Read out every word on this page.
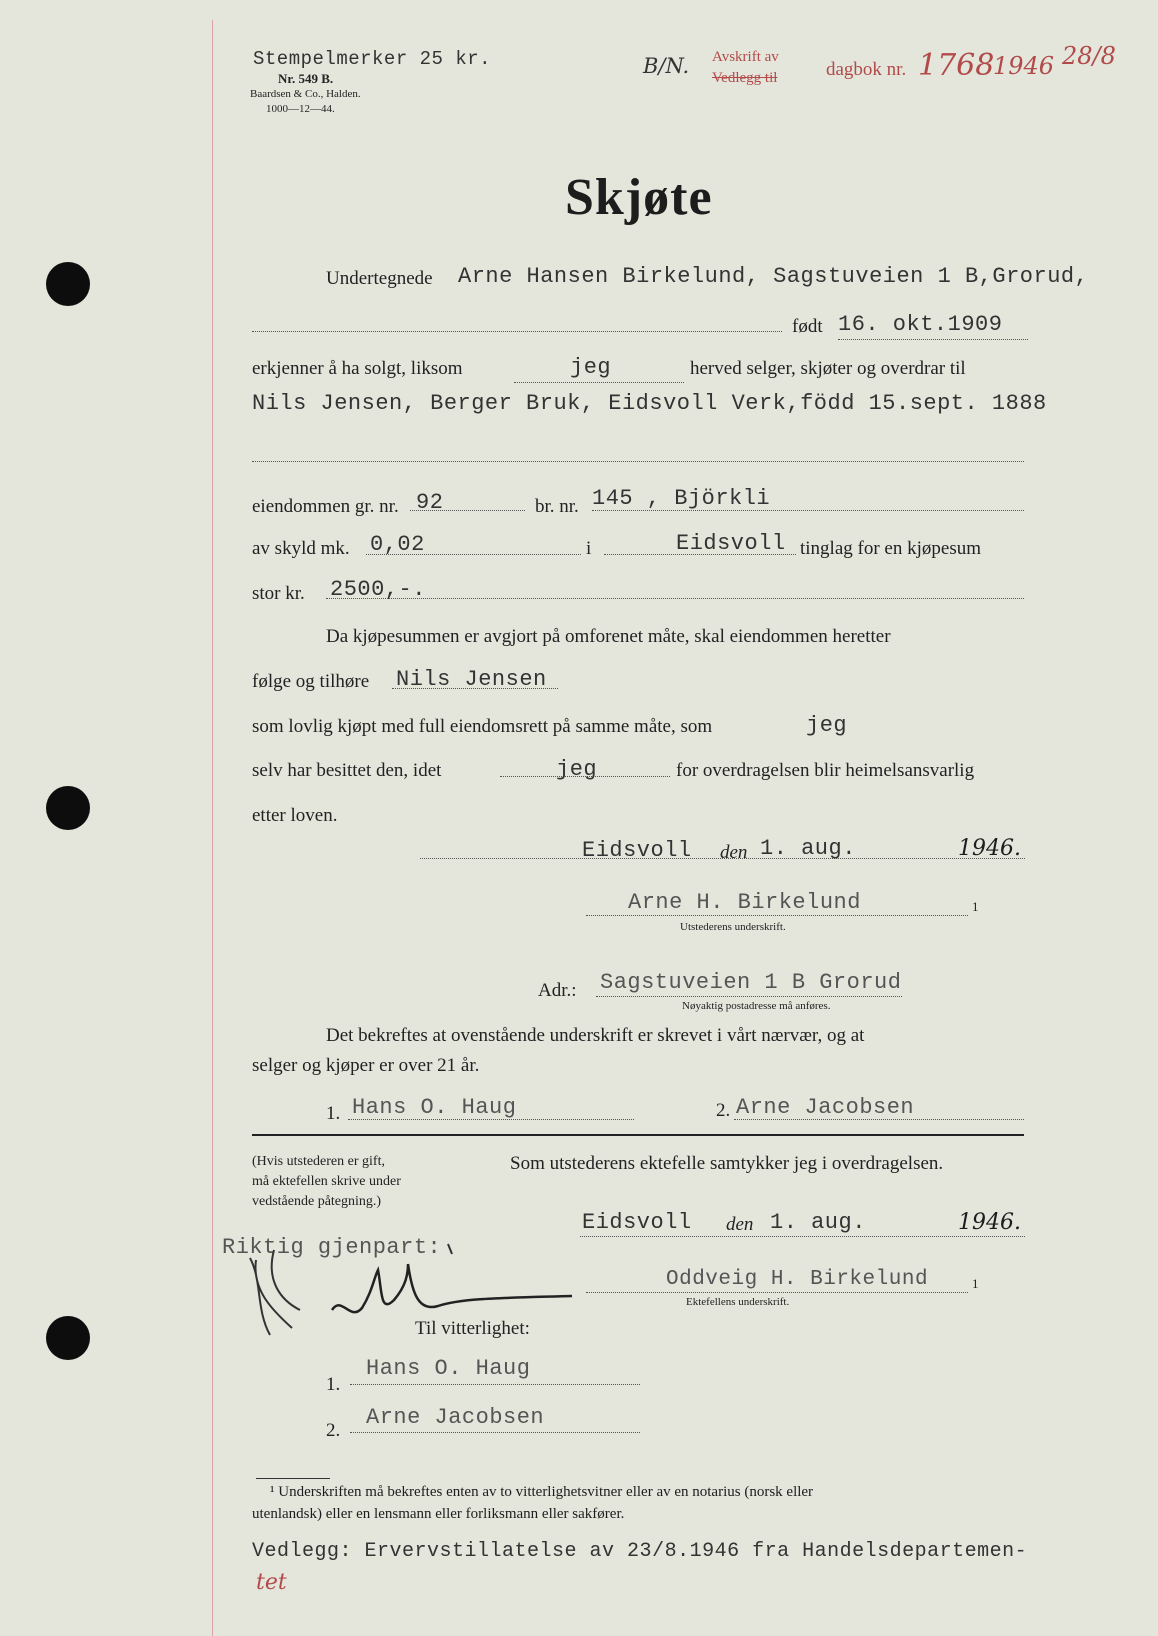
Stempelmerker 25 kr.
Nr. 549 B.
Baardsen & Co., Halden.
1000—12—44.
B/N. Avskrift av
Vedlegg til	dagbok nr. 1768
1946 28/8
Skjøte
Undertegnede Arne Hansen Birkelund, Sagstuveien 1 B,Grorud,
født 16. okt.1909
erkjenner å ha solgt, liksom	jeg	herved selger, skjøter og overdrar til
Nils Jensen, Berger Bruk, Eidsvoll Verk,född 15.sept. 1888
eiendommen gr. nr. 92	br. nr. 145 , Björkli
av skyld mk. 0,02	i	Eidsvoll tinglag for en kjøpesum
stor kr. 2500,-.
Da kjøpesummen er avgjort på omforenet måte, skal eiendommen heretter
følge og tilhøre Nils Jensen
som lovlig kjøpt med full eiendomsrett på samme måte, som	jeg
selv har besittet den, idet	jeg	for overdragelsen blir heimelsansvarlig
etter loven.
Eidsvoll den 1. aug.	1946.
Arne H. Birkelund	1
Utstederens underskrift.
Adr.: Sagstuveien 1 B Grorud
Nøyaktig postadresse må anføres.
Det bekreftes at ovenstående underskrift er skrevet i vårt nærvær, og at
selger og kjøper er over 21 år.
1. Hans O. Haug	2. Arne Jacobsen
(Hvis utstederen er gift,
må ektefellen skrive under
vedstående påtegning.)
Som utstederens ektefelle samtykker jeg i overdragelsen.
Eidsvoll den 1. aug.	1946.
Oddveig H. Birkelund	1
Ektefellens underskrift.
Riktig gjenpart:
Til vitterlighet:
1.
Hans O. Haug
2.
Arne Jacobsen
¹ Underskriften må bekreftes enten av to vitterlighetsvitner eller av en notarius (norsk eller
utenlandsk) eller en lensmann eller forliksmann eller sakfører.
Vedlegg: Ervervstillatelse av 23/8.1946 fra Handelsdepartemen-
tet
